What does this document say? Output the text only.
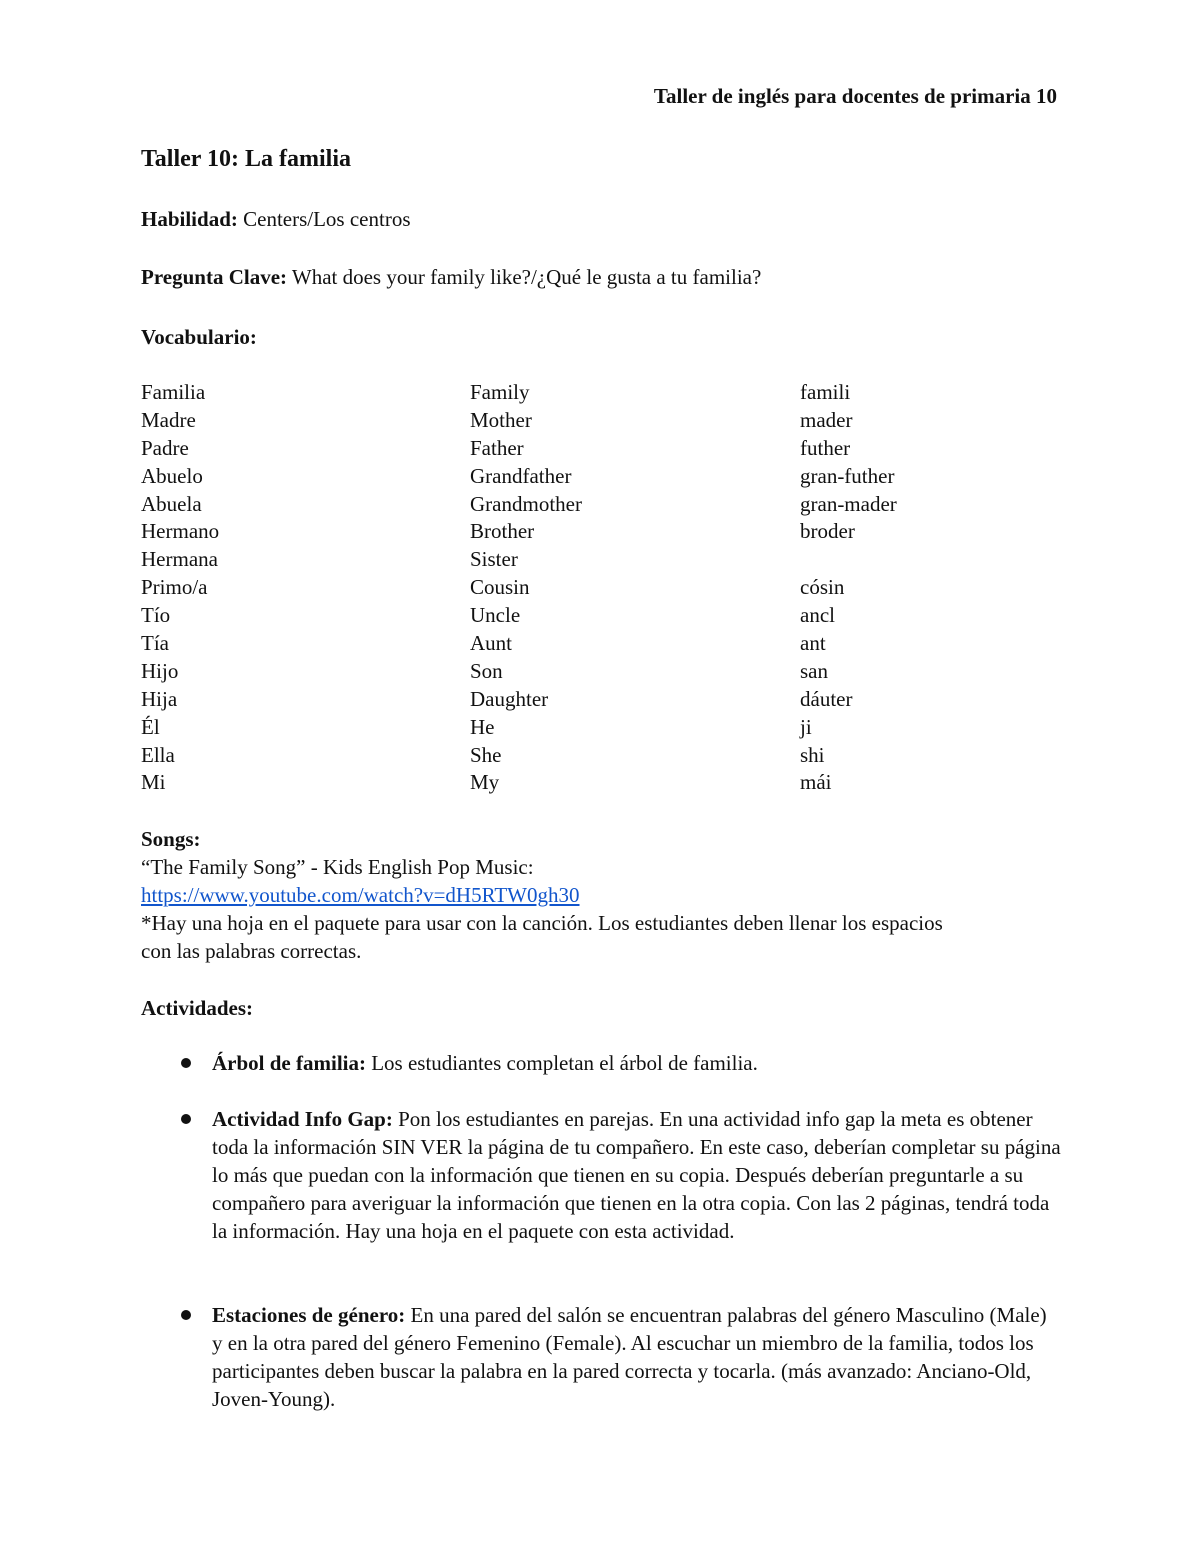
Taller de inglés para docentes de primaria 10
Taller 10: La familia
Habilidad: Centers/Los centros
Pregunta Clave: What does your family like?/¿Qué le gusta a tu familia?
Vocabulario:
Familia	Family	famili
Madre	Mother	mader
Padre	Father	futher
Abuelo	Grandfather	gran-futher
Abuela	Grandmother	gran-mader
Hermano	Brother	broder
Hermana	Sister
Primo/a	Cousin	cósin
Tío	Uncle	ancl
Tía	Aunt	ant
Hijo	Son	san
Hija	Daughter	dáuter
Él	He	ji
Ella	She	shi
Mi	My	mái
Songs:
“The Family Song” - Kids English Pop Music:
https://www.youtube.com/watch?v=dH5RTW0gh30
*Hay una hoja en el paquete para usar con la canción. Los estudiantes deben llenar los espacios
con las palabras correctas.
Actividades:
Árbol de familia: Los estudiantes completan el árbol de familia.
Actividad Info Gap: Pon los estudiantes en parejas. En una actividad info gap la meta es obtener toda la información SIN VER la página de tu compañero. En este caso, deberían completar su página lo más que puedan con la información que tienen en su copia. Después deberían preguntarle a su compañero para averiguar la información que tienen en la otra copia. Con las 2 páginas, tendrá toda la información. Hay una hoja en el paquete con esta actividad.
Estaciones de género: En una pared del salón se encuentran palabras del género Masculino (Male) y en la otra pared del género Femenino (Female). Al escuchar un miembro de la familia, todos los participantes deben buscar la palabra en la pared correcta y tocarla. (más avanzado: Anciano-Old, Joven-Young).
